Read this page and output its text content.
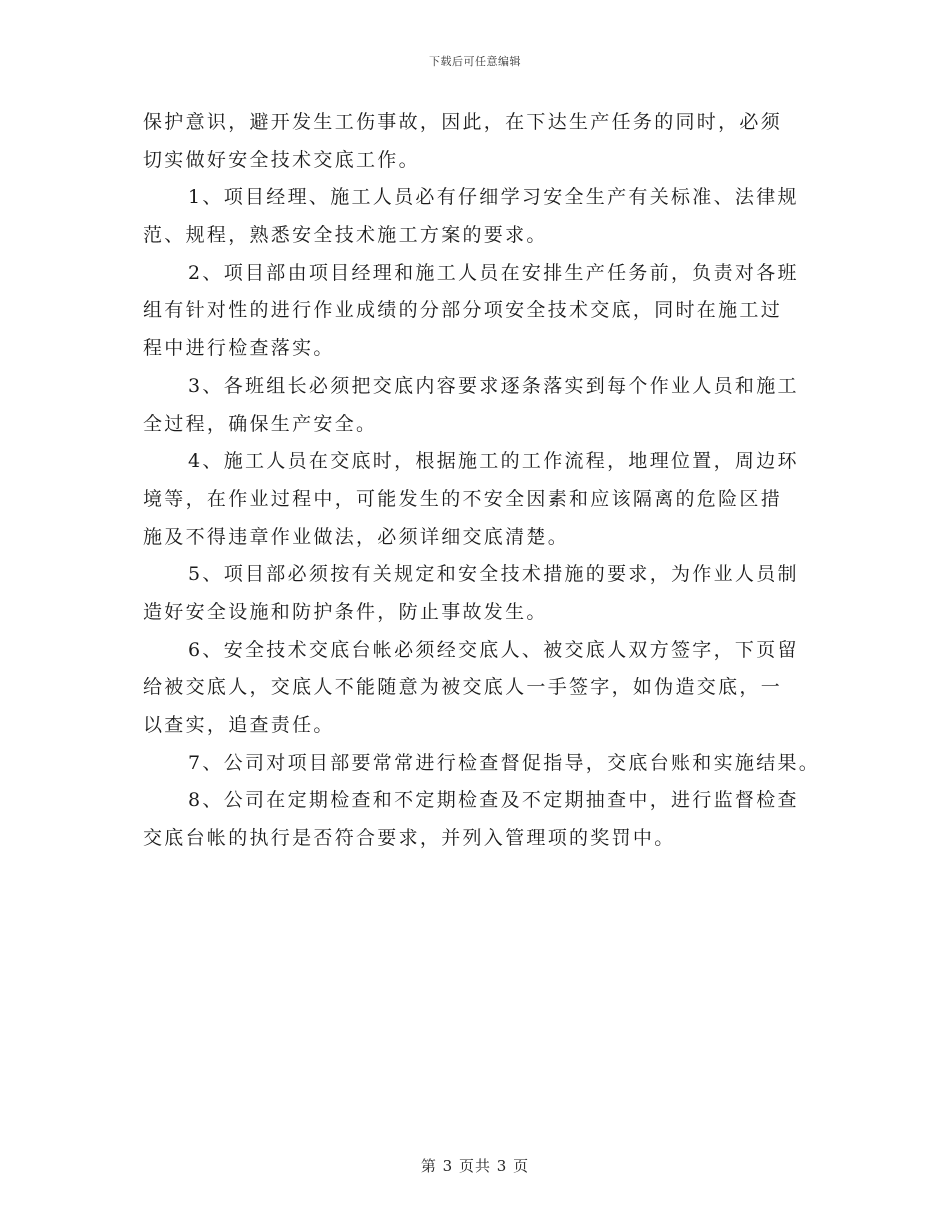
下载后可任意编辑

保护意识，避开发生工伤事故，因此，在下达生产任务的同时，必须
切实做好安全技术交底工作。

1、项目经理、施工人员必有仔细学习安全生产有关标准、法律规
范、规程，熟悉安全技术施工方案的要求。

2、项目部由项目经理和施工人员在安排生产任务前，负责对各班
组有针对性的进行作业成绩的分部分项安全技术交底，同时在施工过
程中进行检查落实。

3、各班组长必须把交底内容要求逐条落实到每个作业人员和施工
全过程，确保生产安全。

4、施工人员在交底时，根据施工的工作流程，地理位置，周边环
境等，在作业过程中，可能发生的不安全因素和应该隔离的危险区措
施及不得违章作业做法，必须详细交底清楚。

5、项目部必须按有关规定和安全技术措施的要求，为作业人员制
造好安全设施和防护条件，防止事故发生。

6、安全技术交底台帐必须经交底人、被交底人双方签字，下页留
给被交底人，交底人不能随意为被交底人一手签字，如伪造交底，一
以查实，追查责任。

7、公司对项目部要常常进行检查督促指导，交底台账和实施结果。

8、公司在定期检查和不定期检查及不定期抽查中，进行监督检查
交底台帐的执行是否符合要求，并列入管理项的奖罚中。

第 3 页共 3 页
